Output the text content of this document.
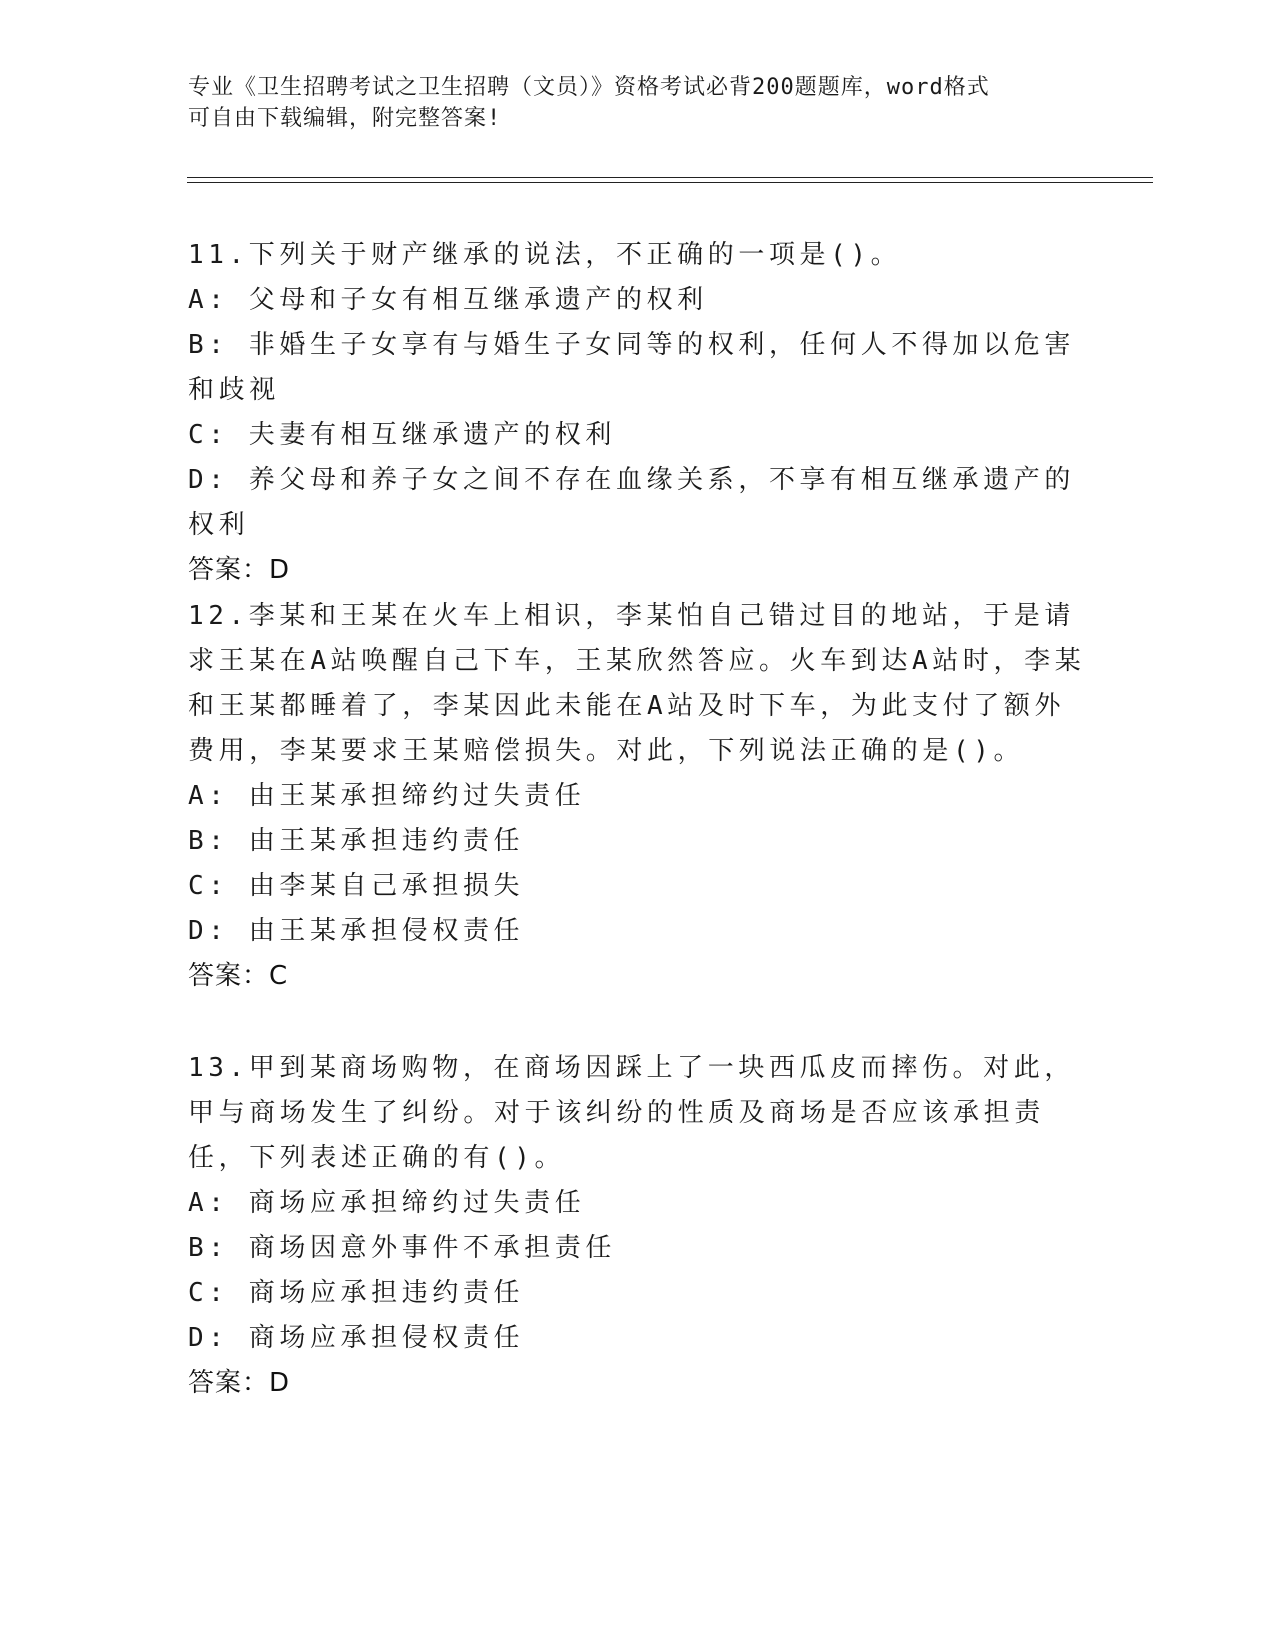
专业《卫生招聘考试之卫生招聘（文员）》资格考试必背200题题库，word格式
可自由下载编辑，附完整答案!

11.下列关于财产继承的说法，不正确的一项是()。

A: 父母和子女有相互继承遗产的权利

B: 非婚生子女享有与婚生子女同等的权利，任何人不得加以危害和歧视

C: 夫妻有相互继承遗产的权利

D: 养父母和养子女之间不存在血缘关系，不享有相互继承遗产的权利

答案：D

12.李某和王某在火车上相识，李某怕自己错过目的地站，于是请求王某在A站唤醒自己下车，王某欣然答应。火车到达A站时，李某和王某都睡着了，李某因此未能在A站及时下车，为此支付了额外费用，李某要求王某赔偿损失。对此，下列说法正确的是()。

A: 由王某承担缔约过失责任

B: 由王某承担违约责任

C: 由李某自己承担损失

D: 由王某承担侵权责任

答案：C

13.甲到某商场购物，在商场因踩上了一块西瓜皮而摔伤。对此，甲与商场发生了纠纷。对于该纠纷的性质及商场是否应该承担责任，下列表述正确的有()。

A: 商场应承担缔约过失责任

B: 商场因意外事件不承担责任

C: 商场应承担违约责任

D: 商场应承担侵权责任

答案：D
